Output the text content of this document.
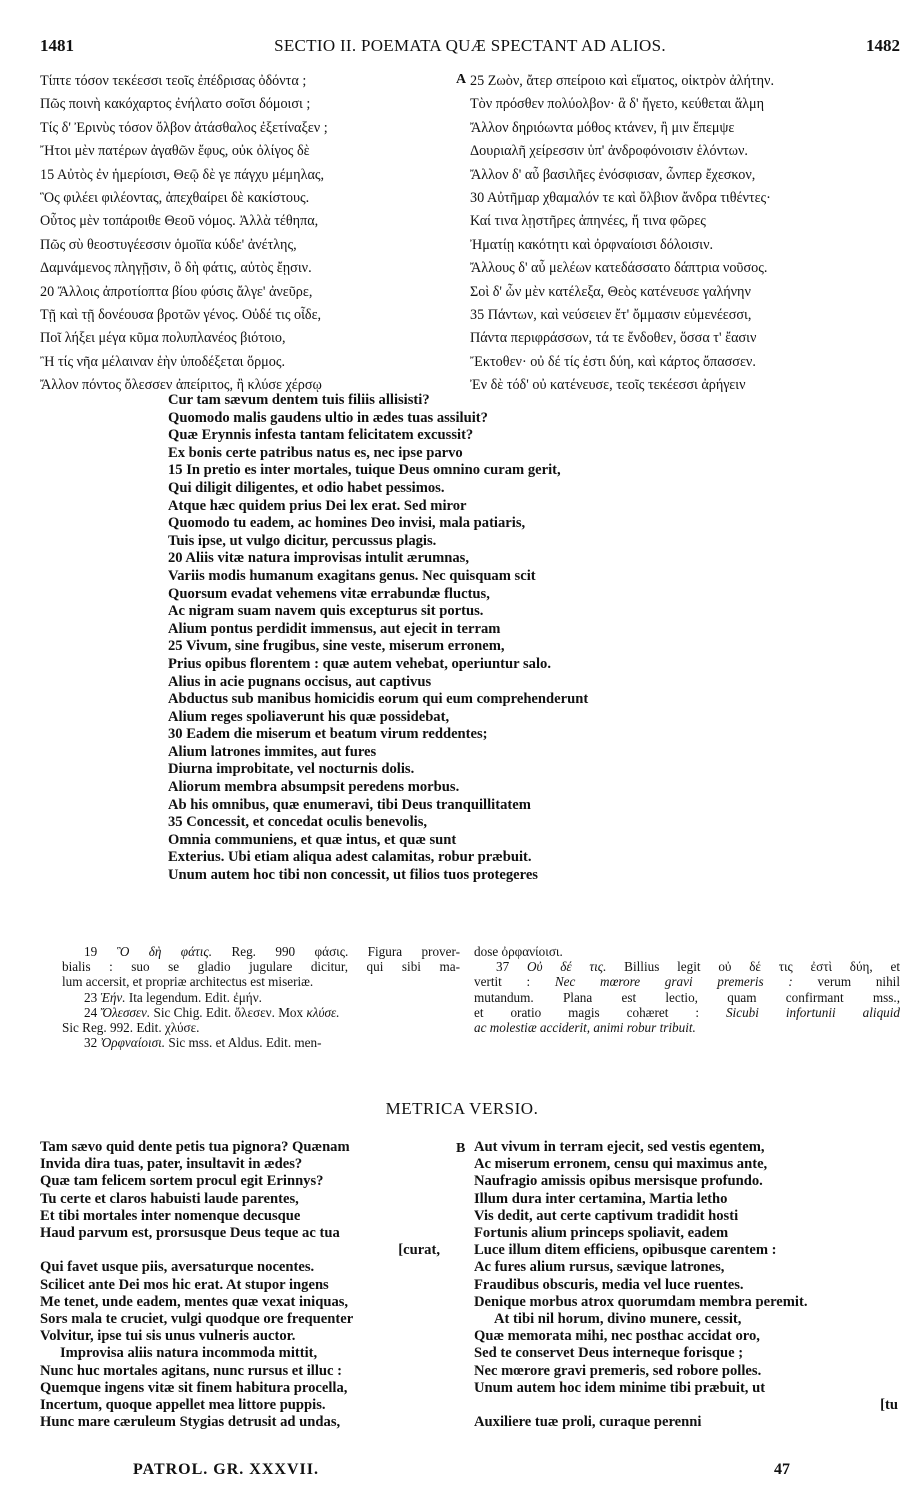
1481	SECTIO II. POEMATA QUÆ SPECTANT AD ALIOS.	1482
Τίπτε τόσον τεκέεσσι τεοῖς ἐπέδρισας ὀδόντα ;
Πῶς ποινὴ κακόχαρτος ἐνήλατο σοῖσι δόμοισι ;
Τίς δ' Ἐρινὺς τόσον ὄλβον ἀτάσθαλος ἐξετίναξεν ;
Ἤτοι μὲν πατέρων ἀγαθῶν ἔφυς, οὐκ ὀλίγος δὲ
15 Αὐτὸς ἐν ἡμερίοισι, Θεῷ δὲ γε πάγχυ μέμηλας,
Ὃς φιλέει φιλέοντας, ἀπεχθαίρει δὲ κακίστους.
Οὗτος μὲν τοπάροιθε Θεοῦ νόμος. Ἀλλὰ τέθηπα,
Πῶς σὺ θεοστυγέεσσιν ὁμοῖϊα κύδε' ἀνέτλης,
Δαμνάμενος πληγῇσιν, ὃ δὴ φάτις, αὐτὸς ἔῃσιν.
20 Ἄλλοις ἀπροτίοπτα βίου φύσις ἄλγε' ἀνεῦρε,
Τῇ καὶ τῇ δονέουσα βροτῶν γένος. Οὐδέ τις οἶδε,
Ποῖ λήξει μέγα κῦμα πολυπλανέος βιότοιο,
Ἢ τίς νῆα μέλαιναν ἑὴν ὑποδέξεται ὅρμος.
Ἄλλον πόντος ὄλεσσεν ἀπείριτος, ἢ κλύσε χέρσῳ
A 25 Ζωὸν, ἄτερ σπείροιο καὶ εἵματος, οἰκτρὸν ἀλήτην.
Τὸν πρόσθεν πολύολβον· ἃ δ' ἤγετο, κεύθεται ἅλμη
Ἄλλον δηριόωντα μόθος κτάνεν, ἢ μιν ἔπεμψε
Δουριαλῆ χείρεσσιν ὑπ' ἀνδροφόνοισιν ἑλόντων.
Ἄλλον δ' αὖ βασιλῆες ἐνόσφισαν, ὧνπερ ἔχεσκον,
30 Αὐτῆμαρ χθαμαλόν τε καὶ ὄλβιον ἄνδρα τιθέντες·
Καί τινα λῃστῆρες ἀπηνέες, ἤ τινα φῶρες
Ἠματίῃ κακότητι καὶ ὀρφναίοισι δόλοισιν.
Ἄλλους δ' αὖ μελέων κατεδάσσατο δάπτρια νοῦσος.
Σοὶ δ' ὧν μὲν κατέλεξα, Θεὸς κατένευσε γαλήνην
35 Πάντων, καὶ νεύσειεν ἔτ' ὄμμασιν εὐμενέεσσι,
Πάντα περιφράσσων, τά τε ἔνδοθεν, ὅσσα τ' ἔασιν
Ἔκτοθεν· οὐ δέ τίς ἐστι δύη, καὶ κάρτος ὄπασσεν.
Ἐν δὲ τόδ' οὐ κατένευσε, τεοῖς τεκέεσσι ἀρήγειν
Cur tam sævum dentem tuis filiis allisisti?
Quomodo malis gaudens ultio in ædes tuas assiluit?
Quæ Erynnis infesta tantam felicitatem excussit?
Ex bonis certe patribus natus es, nec ipse parvo
15 In pretio es inter mortales, tuique Deus omnino curam gerit,
Qui diligit diligentes, et odio habet pessimos.
Atque hæc quidem prius Dei lex erat. Sed miror
Quomodo tu eadem, ac homines Deo invisi, mala patiaris,
Tuis ipse, ut vulgo dicitur, percussus plagis.
20 Aliis vitæ natura improvisas intulit ærumnas,
Variis modis humanum exagitans genus. Nec quisquam scit
Quorsum evadat vehemens vitæ errabundæ fluctus,
Ac nigram suam navem quis excepturus sit portus.
Alium pontus perdidit immensus, aut ejecit in terram
25 Vivum, sine frugibus, sine veste, miserum erronem,
Prius opibus florentem : quæ autem vehebat, operiuntur salo.
Alius in acie pugnans occisus, aut captivus
Abductus sub manibus homicidis eorum qui eum comprehenderunt
Alium reges spoliaverunt his quæ possidebat,
30 Eadem die miserum et beatum virum reddentes;
Alium latrones immites, aut fures
Diurna improbitate, vel nocturnis dolis.
Aliorum membra absumpsit peredens morbus.
Ab his omnibus, quæ enumeravi, tibi Deus tranquillitatem
35 Concessit, et concedat oculis benevolis,
Omnia communiens, et quæ intus, et quæ sunt
Exterius. Ubi etiam aliqua adest calamitas, robur præbuit.
Unum autem hoc tibi non concessit, ut filios tuos protegeres
19 Ὃ δὴ φάτις. Reg. 990 φάσις. Figura prover-
bialis : suo se gladio jugulare dicitur, qui sibi ma-
lum accersit, et propriæ architectus est miseriæ.
23 Ἑήν. Ita legendum. Edit. ἐμήν.
24 Ὄλεσσεν. Sic Chig. Edit. ὄλεσεν. Mox κλύσε.
Sic Reg. 992. Edit. χλύσε.
32 Ὀρφναίοισι. Sic mss. et Aldus. Edit. men-
dose ὀρφανίοισι.
37 Οὐ δέ τις. Billius legit οὐ δέ τις ἐστὶ δύη, et
vertit : Nec mœrore gravi premeris : verum nihil
mutandum. Plana est lectio, quam confirmant mss.,
et oratio magis cohæret : Sicubi infortunii aliquid
ac molestiæ acciderit, animi robur tribuit.
METRICA VERSIO.
Tam sævo quid dente petis tua pignora? Quænam
Invida dira tuas, pater, insultavit in ædes?
Quæ tam felicem sortem procul egit Erinnys?
Tu certe et claros habuisti laude parentes,
Et tibi mortales inter nomenque decusque
Haud parvum est, prorsusque Deus teque ac tua
[curat,
Qui favet usque piis, aversaturque nocentes.
Scilicet ante Dei mos hic erat. At stupor ingens
Me tenet, unde eadem, mentes quæ vexat iniquas,
Sors mala te cruciet, vulgi quodque ore frequenter
Volvitur, ipse tui sis unus vulneris auctor.
Improvisa aliis natura incommoda mittit,
Nunc huc mortales agitans, nunc rursus et illuc :
Quemque ingens vitæ sit finem habitura procella,
Incertum, quoque appellet mea littore puppis.
Hunc mare cæruleum Stygias detrusit ad undas,
B Aut vivum in terram ejecit, sed vestis egentem,
Ac miserum erronem, censu qui maximus ante,
Naufragio amissis opibus mersisque profundo.
Illum dura inter certamina, Martia letho
Vis dedit, aut certe captivum tradidit hosti
Fortunis alium princeps spoliavit, eadem
Luce illum ditem efficiens, opibusque carentem :
Ac fures alium rursus, sævique latrones,
Fraudibus obscuris, media vel luce ruentes.
Denique morbus atrox quorumdam membra peremit.
At tibi nil horum, divino munere, cessit,
Quæ memorata mihi, nec posthac accidat oro,
Sed te conservet Deus interneque forisque ;
Nec mœrore gravi premeris, sed robore polles.
Unum autem hoc idem minime tibi præbuit, ut
[tu
Auxiliere tuæ proli, curaque perenni
PATROL. GR. XXXVII.	47
